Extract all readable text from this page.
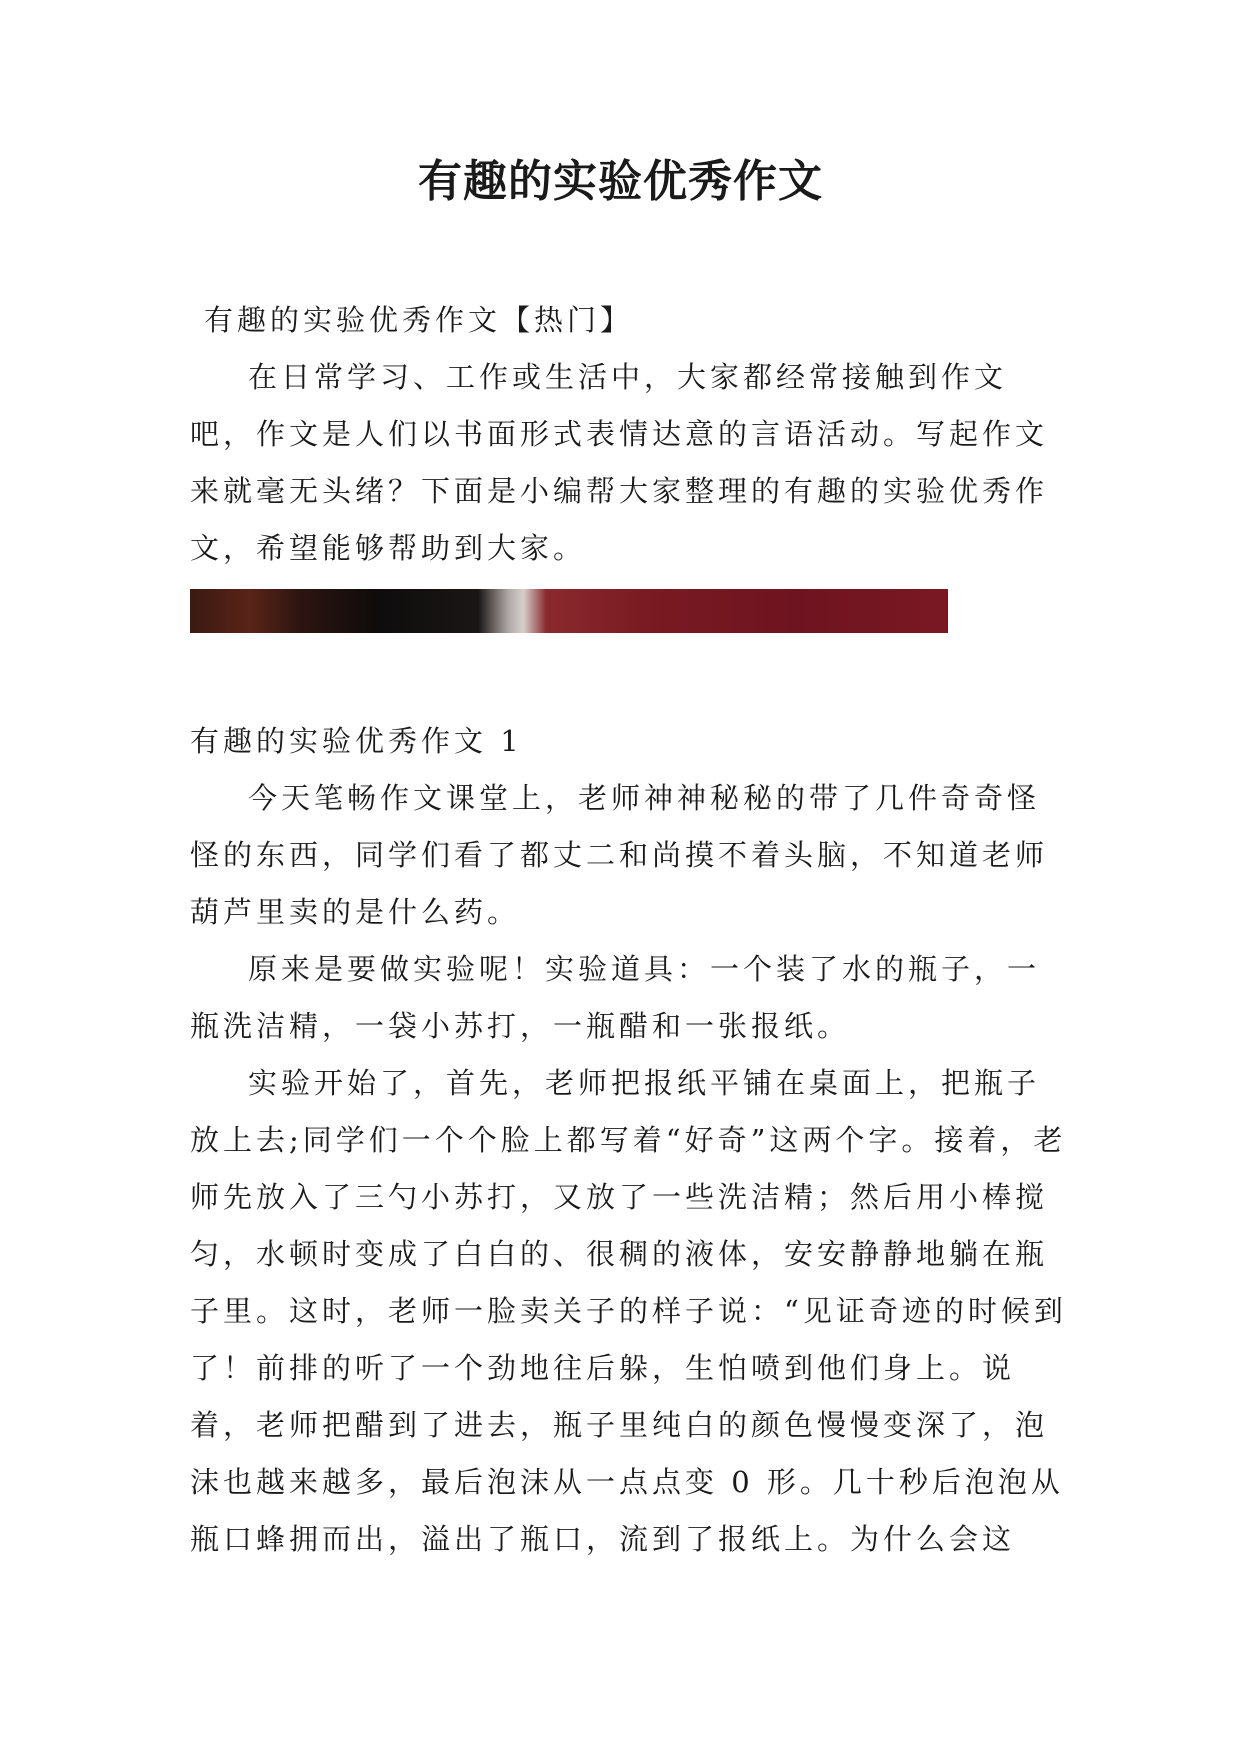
有趣的实验优秀作文

有趣的实验优秀作文【热门】

在日常学习、工作或生活中，大家都经常接触到作文吧，作文是人们以书面形式表情达意的言语活动。写起作文来就毫无头绪？下面是小编帮大家整理的有趣的实验优秀作文，希望能够帮助到大家。

有趣的实验优秀作文 1

今天笔畅作文课堂上，老师神神秘秘的带了几件奇奇怪怪的东西，同学们看了都丈二和尚摸不着头脑，不知道老师葫芦里卖的是什么药。

原来是要做实验呢！实验道具：一个装了水的瓶子，一瓶洗洁精，一袋小苏打，一瓶醋和一张报纸。

实验开始了，首先，老师把报纸平铺在桌面上，把瓶子放上去;同学们一个个脸上都写着“好奇”这两个字。接着，老师先放入了三勺小苏打，又放了一些洗洁精；然后用小棒搅匀，水顿时变成了白白的、很稠的液体，安安静静地躺在瓶子里。这时，老师一脸卖关子的样子说：“见证奇迹的时候到了！前排的听了一个劲地往后躲，生怕喷到他们身上。说着，老师把醋到了进去，瓶子里纯白的颜色慢慢变深了，泡沫也越来越多，最后泡沫从一点点变 0 形。几十秒后泡泡从瓶口蜂拥而出，溢出了瓶口，流到了报纸上。为什么会这
